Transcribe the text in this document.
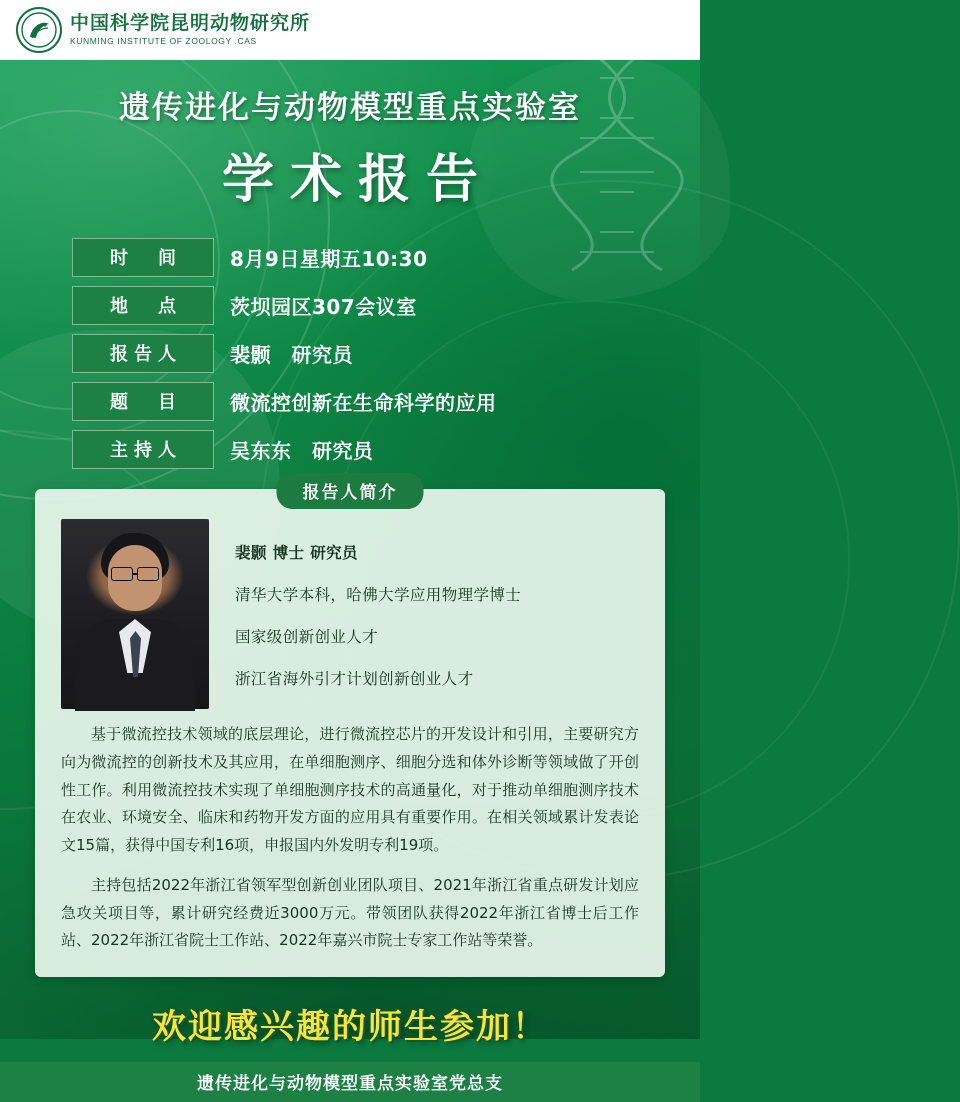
中国科学院昆明动物研究所
KUNMING INSTITUTE OF ZOOLOGY .CAS
遗传进化与动物模型重点实验室
学术报告
时　间	8月9日星期五10:30
地　点	茨坝园区307会议室
报告人	裴颢　研究员
题　目	微流控创新在生命科学的应用
主持人	吴东东　研究员
报告人简介
裴颢 博士 研究员
清华大学本科，哈佛大学应用物理学博士
国家级创新创业人才
浙江省海外引才计划创新创业人才
基于微流控技术领域的底层理论，进行微流控芯片的开发设计和引用，主要研究方向为微流控的创新技术及其应用，在单细胞测序、细胞分选和体外诊断等领域做了开创性工作。利用微流控技术实现了单细胞测序技术的高通量化，对于推动单细胞测序技术在农业、环境安全、临床和药物开发方面的应用具有重要作用。在相关领域累计发表论文15篇，获得中国专利16项，申报国内外发明专利19项。
主持包括2022年浙江省领军型创新创业团队项目、2021年浙江省重点研发计划应急攻关项目等，累计研究经费近3000万元。带领团队获得2022年浙江省博士后工作站、2022年浙江省院士工作站、2022年嘉兴市院士专家工作站等荣誉。
欢迎感兴趣的师生参加！
遗传进化与动物模型重点实验室党总支
